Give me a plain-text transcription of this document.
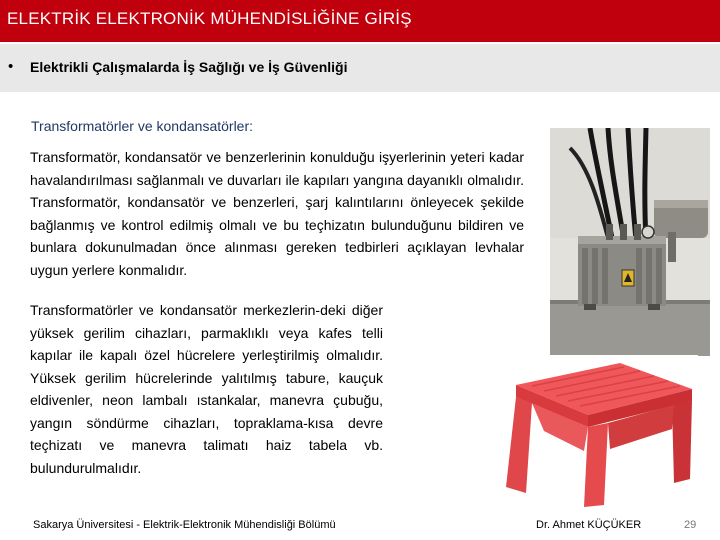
ELEKTRİK ELEKTRONİK MÜHENDİSLİĞİNE GİRİŞ
• Elektrikli Çalışmalarda İş Sağlığı ve İş Güvenliği
Transformatörler ve kondansatörler:

Transformatör, kondansatör ve benzerlerinin konulduğu işyerlerinin yeteri kadar havalandırılması sağlanmalı ve duvarları ile kapıları yangına dayanıklı olmalıdır. Transformatör, kondansatör ve benzerleri, şarj kalıntılarını önleyecek şekilde bağlanmış ve kontrol edilmiş olmalı ve bu teçhizatın bulunduğunu bildiren ve bunlara dokunulmadan önce alınması gereken tedbirleri açıklayan levhalar uygun yerlere konmalıdır.

Transformatörler ve kondansatör merkezlerin-deki diğer yüksek gerilim cihazları, parmaklıklı veya kafes telli kapılar ile kapalı özel hücrelere yerleştirilmiş olmalıdır. Yüksek gerilim hücrelerinde yalıtılmış tabure, kauçuk eldivenler, neon lambalı ıstankalar, manevra çubuğu, yangın söndürme cihazları, topraklama-kısa devre teçhizatı ve manevra talimatı haiz tabela vb. bulundurulmalıdır.

Sakarya Üniversitesi - Elektrik-Elektronik Mühendisliği Bölümü	Dr. Ahmet KÜÇÜKER	29
